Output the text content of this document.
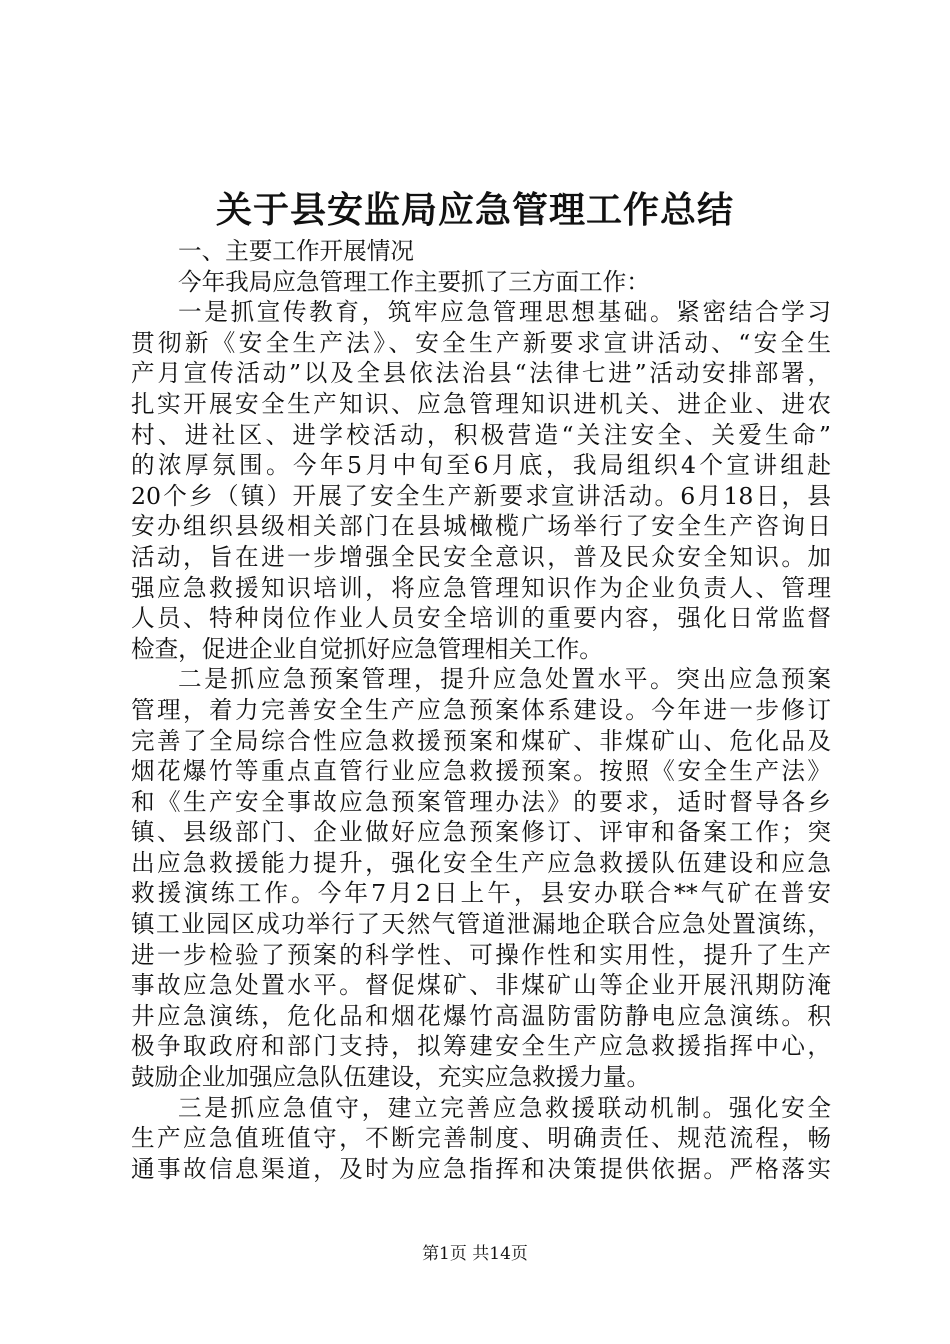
关于县安监局应急管理工作总结
一、主要工作开展情况
今年我局应急管理工作主要抓了三方面工作：
一是抓宣传教育，筑牢应急管理思想基础。紧密结合学习
贯彻新《安全生产法》、安全生产新要求宣讲活动、“安全生
产月宣传活动”以及全县依法治县“法律七进”活动安排部署，
扎实开展安全生产知识、应急管理知识进机关、进企业、进农
村、进社区、进学校活动，积极营造“关注安全、关爱生命”
的浓厚氛围。今年5月中旬至6月底，我局组织4个宣讲组赴
20个乡（镇）开展了安全生产新要求宣讲活动。6月18日，县
安办组织县级相关部门在县城橄榄广场举行了安全生产咨询日
活动，旨在进一步增强全民安全意识，普及民众安全知识。加
强应急救援知识培训，将应急管理知识作为企业负责人、管理
人员、特种岗位作业人员安全培训的重要内容，强化日常监督
检查，促进企业自觉抓好应急管理相关工作。
二是抓应急预案管理，提升应急处置水平。突出应急预案
管理，着力完善安全生产应急预案体系建设。今年进一步修订
完善了全局综合性应急救援预案和煤矿、非煤矿山、危化品及
烟花爆竹等重点直管行业应急救援预案。按照《安全生产法》
和《生产安全事故应急预案管理办法》的要求，适时督导各乡
镇、县级部门、企业做好应急预案修订、评审和备案工作；突
出应急救援能力提升，强化安全生产应急救援队伍建设和应急
救援演练工作。今年7月2日上午，县安办联合**气矿在普安
镇工业园区成功举行了天然气管道泄漏地企联合应急处置演练，
进一步检验了预案的科学性、可操作性和实用性，提升了生产
事故应急处置水平。督促煤矿、非煤矿山等企业开展汛期防淹
井应急演练，危化品和烟花爆竹高温防雷防静电应急演练。积
极争取政府和部门支持，拟筹建安全生产应急救援指挥中心，
鼓励企业加强应急队伍建设，充实应急救援力量。
三是抓应急值守，建立完善应急救援联动机制。强化安全
生产应急值班值守，不断完善制度、明确责任、规范流程，畅
通事故信息渠道，及时为应急指挥和决策提供依据。严格落实
第1页 共14页
